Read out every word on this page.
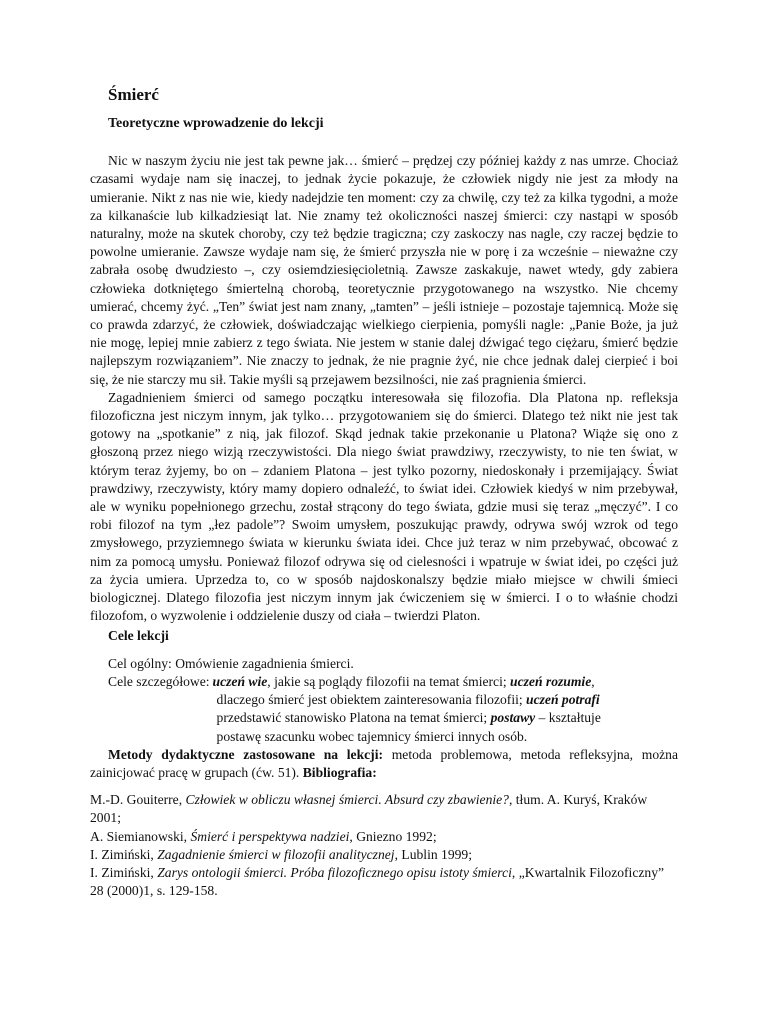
Śmierć
Teoretyczne wprowadzenie do lekcji

Nic w naszym życiu nie jest tak pewne jak… śmierć – prędzej czy później każdy z nas umrze. Chociaż czasami wydaje nam się inaczej, to jednak życie pokazuje, że człowiek nigdy nie jest za młody na umieranie. Nikt z nas nie wie, kiedy nadejdzie ten moment: czy za chwilę, czy też za kilka tygodni, a może za kilkanaście lub kilkadziesiąt lat. Nie znamy też okoliczności naszej śmierci: czy nastąpi w sposób naturalny, może na skutek choroby, czy też będzie tragiczna; czy zaskoczy nas nagle, czy raczej będzie to powolne umieranie. Zawsze wydaje nam się, że śmierć przyszła nie w porę i za wcześnie – nieważne czy zabrała osobę dwudziesto –, czy osiemdziesięcioletnią. Zawsze zaskakuje, nawet wtedy, gdy zabiera człowieka dotkniętego śmiertelną chorobą, teoretycznie przygotowanego na wszystko. Nie chcemy umierać, chcemy żyć. „Ten” świat jest nam znany, „tamten” – jeśli istnieje – pozostaje tajemnicą. Może się co prawda zdarzyć, że człowiek, doświadczając wielkiego cierpienia, pomyśli nagle: „Panie Boże, ja już nie mogę, lepiej mnie zabierz z tego świata. Nie jestem w stanie dalej dźwigać tego ciężaru, śmierć będzie najlepszym rozwiązaniem”. Nie znaczy to jednak, że nie pragnie żyć, nie chce jednak dalej cierpieć i boi się, że nie starczy mu sił. Takie myśli są przejawem bezsilności, nie zaś pragnienia śmierci.

Zagadnieniem śmierci od samego początku interesowała się filozofia. Dla Platona np. refleksja filozoficzna jest niczym innym, jak tylko… przygotowaniem się do śmierci. Dlatego też nikt nie jest tak gotowy na „spotkanie” z nią, jak filozof. Skąd jednak takie przekonanie u Platona? Wiąże się ono z głoszoną przez niego wizją rzeczywistości. Dla niego świat prawdziwy, rzeczywisty, to nie ten świat, w którym teraz żyjemy, bo on – zdaniem Platona – jest tylko pozorny, niedoskonały i przemijający. Świat prawdziwy, rzeczywisty, który mamy dopiero odnaleźć, to świat idei. Człowiek kiedyś w nim przebywał, ale w wyniku popełnionego grzechu, został strącony do tego świata, gdzie musi się teraz „męczyć”. I co robi filozof na tym „łez padole”? Swoim umysłem, poszukując prawdy, odrywa swój wzrok od tego zmysłowego, przyziemnego świata w kierunku świata idei. Chce już teraz w nim przebywać, obcować z nim za pomocą umysłu. Ponieważ filozof odrywa się od cielesności i wpatruje w świat idei, po części już za życia umiera. Uprzedza to, co w sposób najdoskonalszy będzie miało miejsce w chwili śmieci biologicznej. Dlatego filozofia jest niczym innym jak ćwiczeniem się w śmierci. I o to właśnie chodzi filozofom, o wyzwolenie i oddzielenie duszy od ciała – twierdzi Platon.

Cele lekcji
Cel ogólny: Omówienie zagadnienia śmierci.
Cele szczegółowe: uczeń wie, jakie są poglądy filozofii na temat śmierci; uczeń rozumie,
dlaczego śmierć jest obiektem zainteresowania filozofii; uczeń potrafi
przedstawić stanowisko Platona na temat śmierci; postawy – kształtuje
postawę szacunku wobec tajemnicy śmierci innych osób.

Metody dydaktyczne zastosowane na lekcji: metoda problemowa, metoda refleksyjna, można zainicjować pracę w grupach (ćw. 51). Bibliografia:

M.-D. Gouiterre, Człowiek w obliczu własnej śmierci. Absurd czy zbawienie?, tłum. A. Kuryś, Kraków 2001;
A. Siemianowski, Śmierć i perspektywa nadziei, Gniezno 1992;
I. Zimiński, Zagadnienie śmierci w filozofii analitycznej, Lublin 1999;
I. Zimiński, Zarys ontologii śmierci. Próba filozoficznego opisu istoty śmierci, „Kwartalnik Filozoficzny” 28 (2000)1, s. 129-158.
